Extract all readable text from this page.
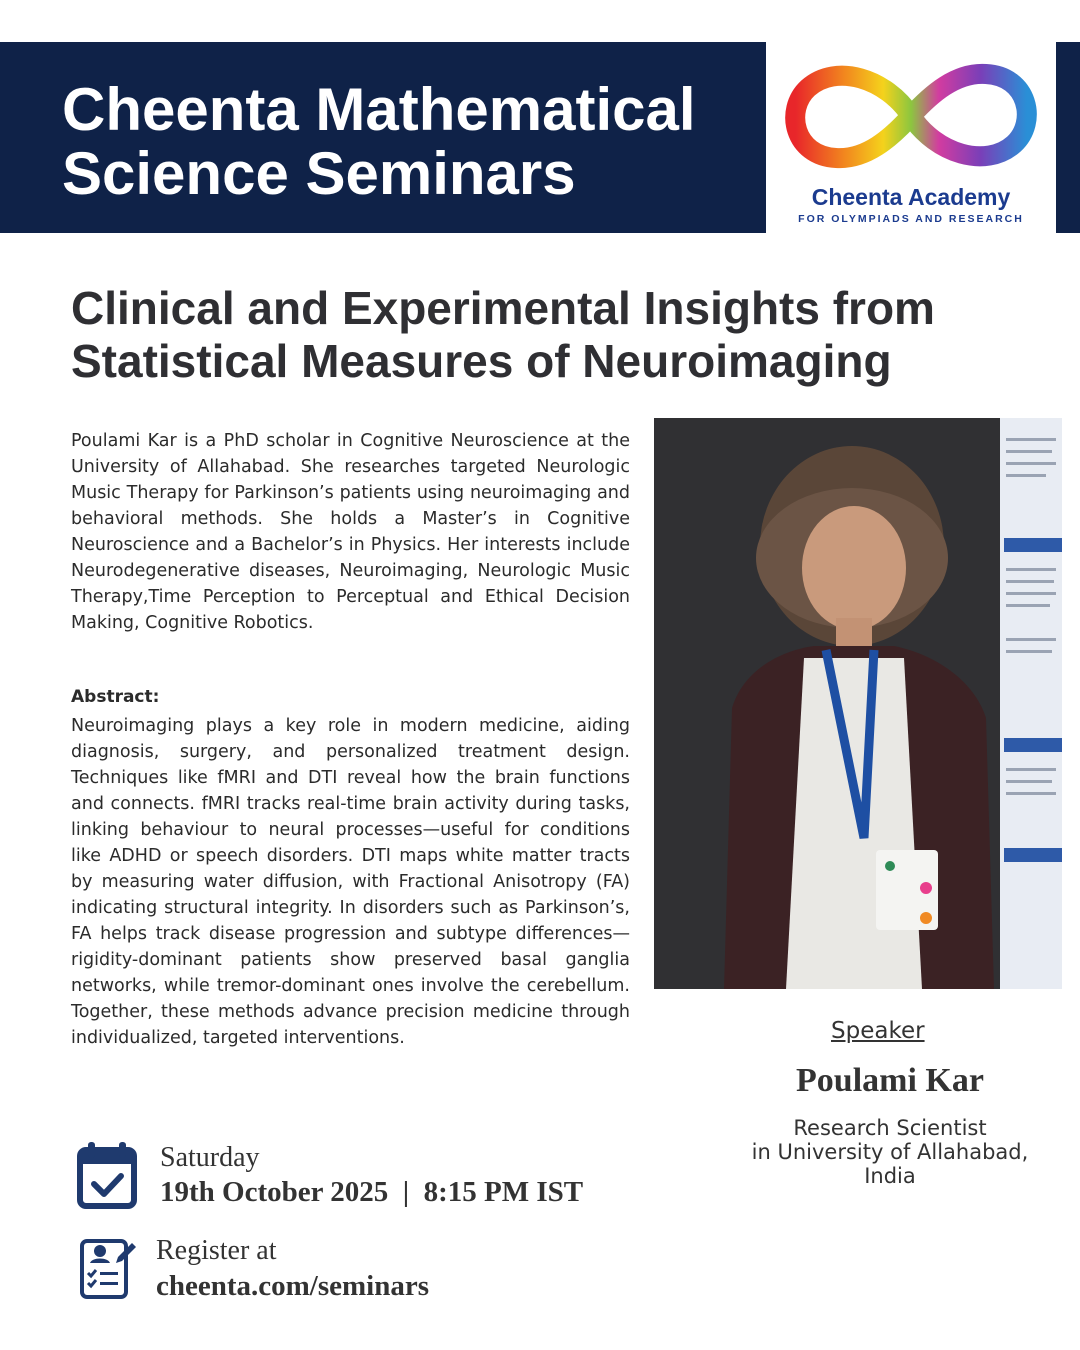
Cheenta Mathematical Science Seminars	Cheenta Academy
FOR OLYMPIADS AND RESEARCH
Clinical and Experimental Insights from Statistical Measures of Neuroimaging
Poulami Kar is a PhD scholar in Cognitive Neuroscience at the University of Allahabad. She researches targeted Neurologic Music Therapy for Parkinson’s patients using neuroimaging and behavioral methods. She holds a Master’s in Cognitive Neuroscience and a Bachelor’s in Physics. Her interests include Neurodegenerative diseases, Neuroimaging, Neurologic Music Therapy,Time Perception to Perceptual and Ethical Decision Making, Cognitive Robotics.
Abstract:
Neuroimaging plays a key role in modern medicine, aiding diagnosis, surgery, and personalized treatment design. Techniques like fMRI and DTI reveal how the brain functions and connects. fMRI tracks real-time brain activity during tasks, linking behaviour to neural processes—useful for conditions like ADHD or speech disorders. DTI maps white matter tracts by measuring water diffusion, with Fractional Anisotropy (FA) indicating structural integrity. In disorders such as Parkinson’s, FA helps track disease progression and subtype differences—rigidity-dominant patients show preserved basal ganglia networks, while tremor-dominant ones involve the cerebellum. Together, these methods advance precision medicine through individualized, targeted interventions.	Speaker
Poulami Kar
Research Scientist
in University of Allahabad,
India
Saturday
19th October 2025  |  8:15 PM IST
Register at
cheenta.com/seminars
